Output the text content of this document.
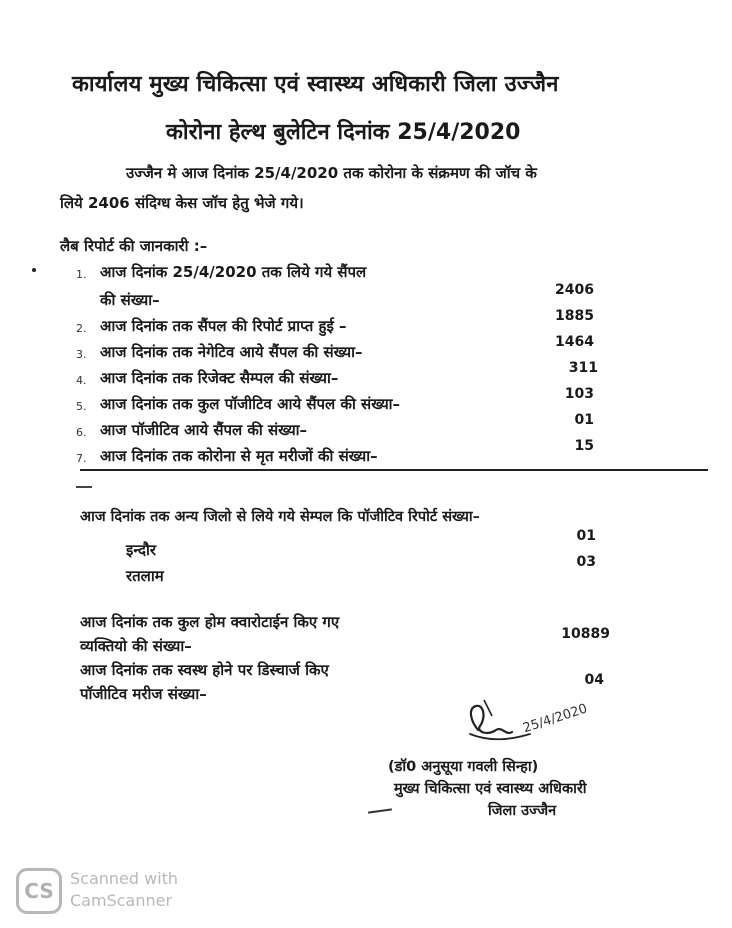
कार्यालय मुख्य चिकित्सा एवं स्वास्थ्य अधिकारी जिला उज्जैन
कोरोना हेल्थ बुलेटिन दिनांक 25/4/2020
उज्जैन मे आज दिनांक 25/4/2020 तक कोरोना के संक्रमण की जॉच के
लिये 2406 संदिग्ध केस जॉच हेतु भेजे गये।
लैब रिपोर्ट की जानकारी :–
1. आज दिनांक 25/4/2020 तक लिये गये सैंपल
की संख्या–
2406
2. आज दिनांक तक सैंपल की रिपोर्ट प्राप्त हुई –
1885
3. आज दिनांक तक नेगेटिव आये सैंपल की संख्या–
1464
4. आज दिनांक तक रिजेक्ट सैम्पल की संख्या–
311
5. आज दिनांक तक कुल पॉजीटिव आये सैंपल की संख्या–
103
6. आज पॉजीटिव आये सैंपल की संख्या–
01
7. आज दिनांक तक कोरोना से मृत मरीजों की संख्या–
15
आज दिनांक तक अन्य जिलो से लिये गये सेम्पल कि पॉजीटिव रिपोर्ट संख्या–
इन्दौर
01
रतलाम
03
आज दिनांक तक कुल होम क्वारोटाईन किए गए
व्यक्तियो की संख्या–
10889
आज दिनांक तक स्वस्थ होने पर डिस्चार्ज किए
पॉजीटिव मरीज संख्या–
04
25/4/2020
(डॉ0 अनुसूया गवली सिन्हा)
मुख्य चिकित्सा एवं स्वास्थ्य अधिकारी
जिला उज्जैन
CS
Scanned with
CamScanner
